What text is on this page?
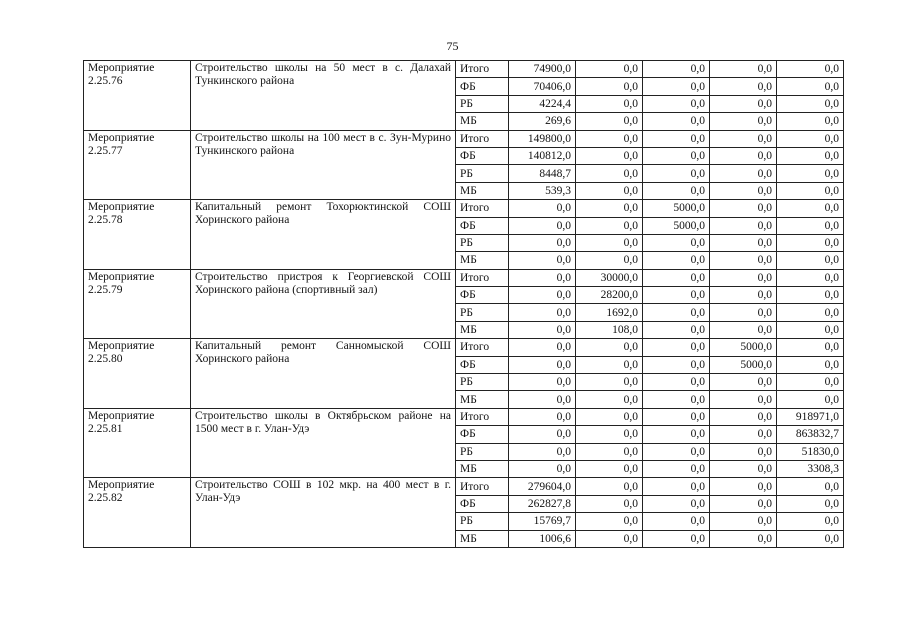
75
Мероприятие 2.25.76	Строительство школы на 50 мест в с. Далахай Тункинского района	Итого	74900,0	0,0	0,0	0,0	0,0
		ФБ	70406,0	0,0	0,0	0,0	0,0
		РБ	4224,4	0,0	0,0	0,0	0,0
		МБ	269,6	0,0	0,0	0,0	0,0
Мероприятие 2.25.77	Строительство школы на 100 мест в с. Зун-Мурино Тункинского района	Итого	149800,0	0,0	0,0	0,0	0,0
		ФБ	140812,0	0,0	0,0	0,0	0,0
		РБ	8448,7	0,0	0,0	0,0	0,0
		МБ	539,3	0,0	0,0	0,0	0,0
Мероприятие 2.25.78	Капитальный ремонт Тохорюктинской СОШ Хоринского района	Итого	0,0	0,0	5000,0	0,0	0,0
		ФБ	0,0	0,0	5000,0	0,0	0,0
		РБ	0,0	0,0	0,0	0,0	0,0
		МБ	0,0	0,0	0,0	0,0	0,0
Мероприятие 2.25.79	Строительство пристроя к Георгиевской СОШ Хоринского района (спортивный зал)	Итого	0,0	30000,0	0,0	0,0	0,0
		ФБ	0,0	28200,0	0,0	0,0	0,0
		РБ	0,0	1692,0	0,0	0,0	0,0
		МБ	0,0	108,0	0,0	0,0	0,0
Мероприятие 2.25.80	Капитальный ремонт Санномыской СОШ Хоринского района	Итого	0,0	0,0	0,0	5000,0	0,0
		ФБ	0,0	0,0	0,0	5000,0	0,0
		РБ	0,0	0,0	0,0	0,0	0,0
		МБ	0,0	0,0	0,0	0,0	0,0
Мероприятие 2.25.81	Строительство школы в Октябрьском районе на 1500 мест в г. Улан-Удэ	Итого	0,0	0,0	0,0	0,0	918971,0
		ФБ	0,0	0,0	0,0	0,0	863832,7
		РБ	0,0	0,0	0,0	0,0	51830,0
		МБ	0,0	0,0	0,0	0,0	3308,3
Мероприятие 2.25.82	Строительство СОШ в 102 мкр. на 400 мест в г. Улан-Удэ	Итого	279604,0	0,0	0,0	0,0	0,0
		ФБ	262827,8	0,0	0,0	0,0	0,0
		РБ	15769,7	0,0	0,0	0,0	0,0
		МБ	1006,6	0,0	0,0	0,0	0,0
